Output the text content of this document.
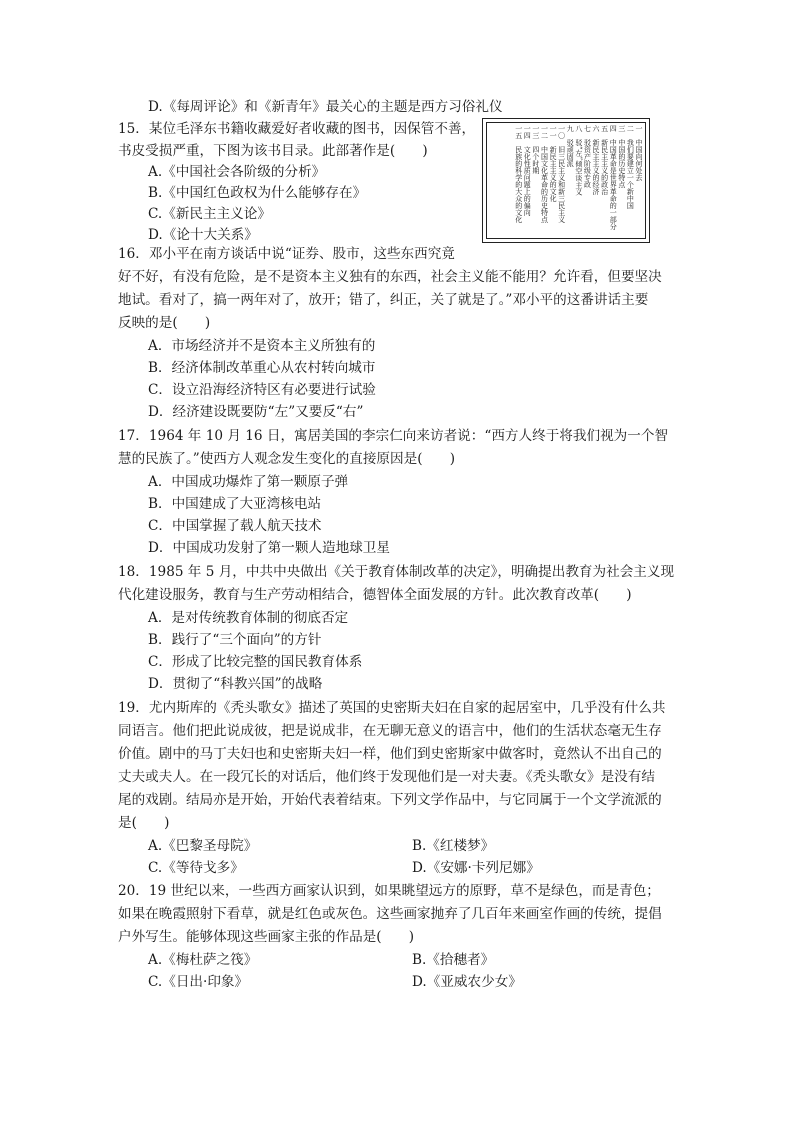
D.《每周评论》和《新青年》最关心的主题是西方习俗礼仪
15．某位毛泽东书籍收藏爱好者收藏的图书，因保管不善，
书皮受损严重，下图为该书目录。此部著作是(　　)
A.《中国社会各阶级的分析》
B.《中国红色政权为什么能够存在》
C.《新民主主义论》
D.《论十大关系》
一　中国向何处去
二　我们要建立一个新中国
三　中国的历史特点
四　中国革命是世界革命的一部分
五　新民主主义的政治
六　新民主主义的经济
七　驳资产阶级专政
八　驳“左”倾空谈主义
九　驳顽固派
一〇　旧三民主义和新三民主义
一一　新民主主义的文化
一二　中国文化革命的历史特点
一三　四个时期
一四　文化性质问题上的偏向
一五　民族的科学的大众的文化
16．邓小平在南方谈话中说“证券、股市，这些东西究竟
好不好，有没有危险，是不是资本主义独有的东西，社会主义能不能用？允许看，但要坚决
地试。看对了，搞一两年对了，放开；错了，纠正，关了就是了。”邓小平的这番讲话主要
反映的是(　　)
A．市场经济并不是资本主义所独有的
B．经济体制改革重心从农村转向城市
C．设立沿海经济特区有必要进行试验
D．经济建设既要防“左”又要反“右”
17．1964 年 10 月 16 日，寓居美国的李宗仁向来访者说：“西方人终于将我们视为一个智
慧的民族了。”使西方人观念发生变化的直接原因是(　　)
A．中国成功爆炸了第一颗原子弹
B．中国建成了大亚湾核电站
C．中国掌握了载人航天技术
D．中国成功发射了第一颗人造地球卫星
18．1985 年 5 月，中共中央做出《关于教育体制改革的决定》，明确提出教育为社会主义现
代化建设服务，教育与生产劳动相结合，德智体全面发展的方针。此次教育改革(　　)
A．是对传统教育体制的彻底否定
B．践行了“三个面向”的方针
C．形成了比较完整的国民教育体系
D．贯彻了“科教兴国”的战略
19．尤内斯库的《秃头歌女》描述了英国的史密斯夫妇在自家的起居室中，几乎没有什么共
同语言。他们把此说成彼，把是说成非，在无聊无意义的语言中，他们的生活状态毫无生存
价值。剧中的马丁夫妇也和史密斯夫妇一样，他们到史密斯家中做客时，竟然认不出自己的
丈夫或夫人。在一段冗长的对话后，他们终于发现他们是一对夫妻。《秃头歌女》是没有结
尾的戏剧。结局亦是开始，开始代表着结束。下列文学作品中，与它同属于一个文学流派的
是(　　)
A.《巴黎圣母院》	B.《红楼梦》
C.《等待戈多》	D.《安娜·卡列尼娜》
20．19 世纪以来，一些西方画家认识到，如果眺望远方的原野，草不是绿色，而是青色；
如果在晚霞照射下看草，就是红色或灰色。这些画家抛弃了几百年来画室作画的传统，提倡
户外写生。能够体现这些画家主张的作品是(　　)
A.《梅杜萨之筏》	B.《拾穗者》
C.《日出·印象》	D.《亚威农少女》
